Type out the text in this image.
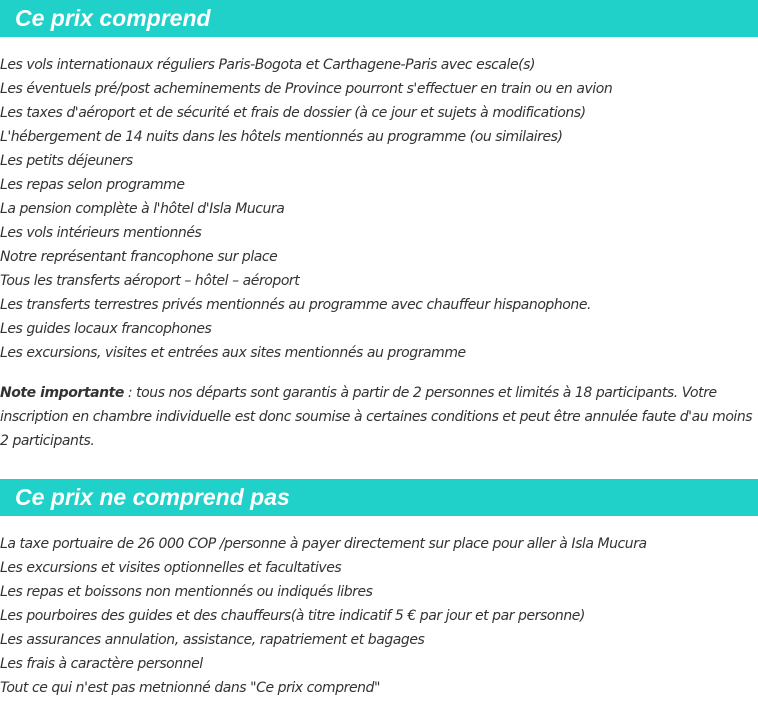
Ce prix comprend
Les vols internationaux réguliers Paris-Bogota et Carthagene-Paris avec escale(s)
Les éventuels pré/post acheminements de Province pourront s'effectuer en train ou en avion
Les taxes d'aéroport et de sécurité et frais de dossier (à ce jour et sujets à modifications)
L'hébergement de 14 nuits dans les hôtels mentionnés au programme (ou similaires)
Les petits déjeuners
Les repas selon programme
La pension complète à l'hôtel d'Isla Mucura
Les vols intérieurs mentionnés
Notre représentant francophone sur place
Tous les transferts aéroport – hôtel – aéroport
Les transferts terrestres privés mentionnés au programme avec chauffeur hispanophone.
Les guides locaux francophones
Les excursions, visites et entrées aux sites mentionnés au programme

Note importante : tous nos départs sont garantis à partir de 2 personnes et limités à 18 participants. Votre inscription en chambre individuelle est donc soumise à certaines conditions et peut être annulée faute d'au moins 2 participants.

Ce prix ne comprend pas
La taxe portuaire de 26 000 COP /personne à payer directement sur place pour aller à Isla Mucura
Les excursions et visites optionnelles et facultatives
Les repas et boissons non mentionnés ou indiqués libres
Les pourboires des guides et des chauffeurs(à titre indicatif 5 € par jour et par personne)
Les assurances annulation, assistance, rapatriement et bagages
Les frais à caractère personnel
Tout ce qui n'est pas metnionné dans "Ce prix comprend"
